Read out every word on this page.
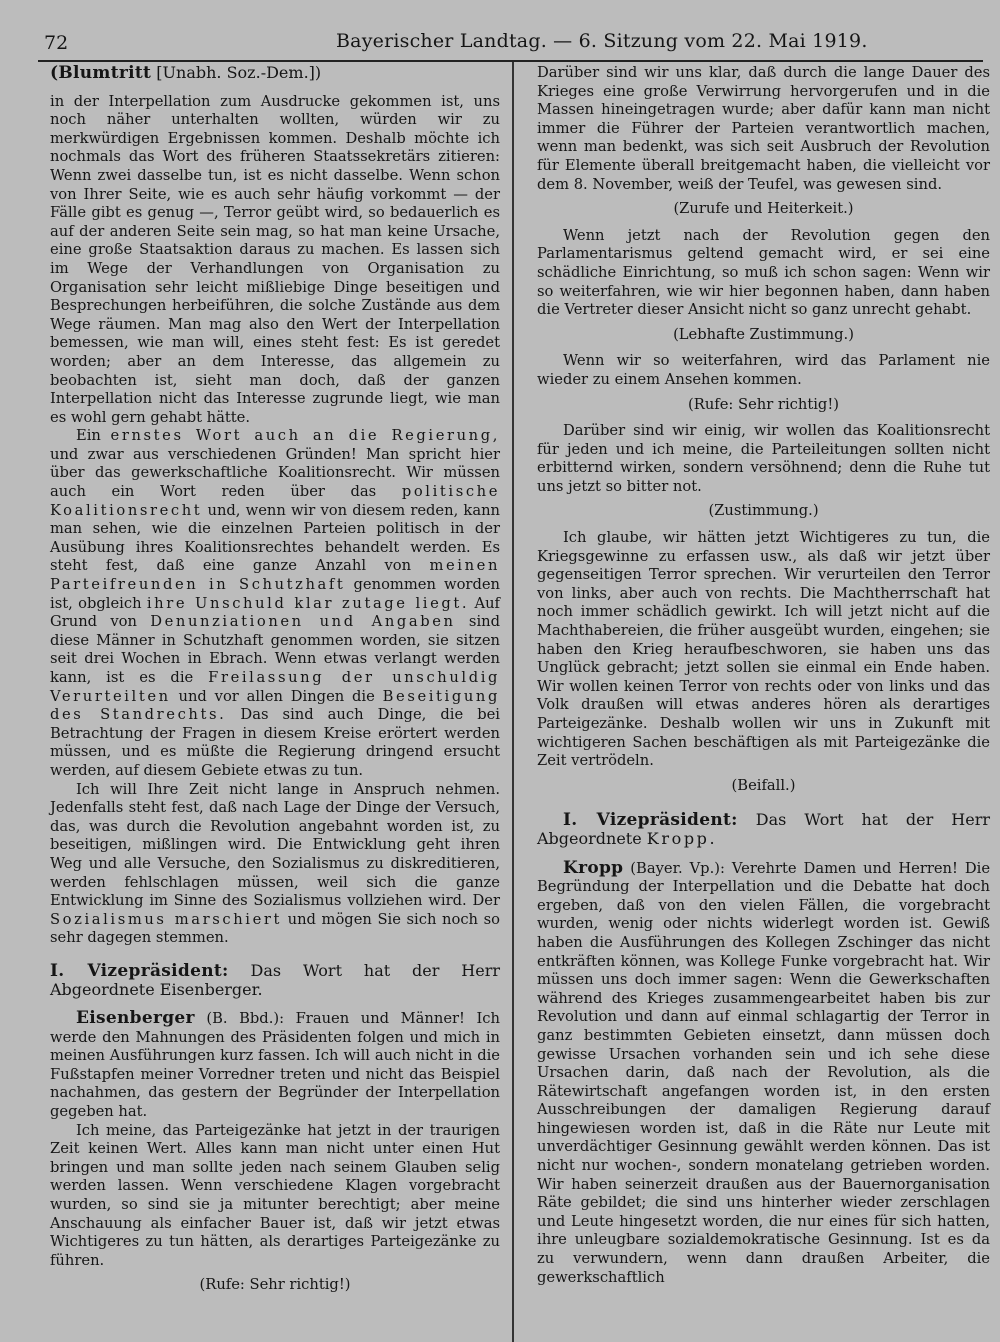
72	Bayerischer Landtag. — 6. Sitzung vom 22. Mai 1919.

(Blumtritt [Unabh. Soz.-Dem.])

in der Interpellation zum Ausdrucke gekommen ist, uns noch näher unterhalten wollten, würden wir zu merkwürdigen Ergebnissen kommen. Deshalb möchte ich nochmals das Wort des früheren Staatssekretärs zitieren: Wenn zwei dasselbe tun, ist es nicht dasselbe. Wenn schon von Ihrer Seite, wie es auch sehr häufig vorkommt — der Fälle gibt es genug —, Terror geübt wird, so bedauerlich es auf der anderen Seite sein mag, so hat man keine Ursache, eine große Staatsaktion daraus zu machen. Es lassen sich im Wege der Verhandlungen von Organisation zu Organisation sehr leicht mißliebige Dinge beseitigen und Besprechungen herbeiführen, die solche Zustände aus dem Wege räumen. Man mag also den Wert der Interpellation bemessen, wie man will, eines steht fest: Es ist geredet worden; aber an dem Interesse, das allgemein zu beobachten ist, sieht man doch, daß der ganzen Interpellation nicht das Interesse zugrunde liegt, wie man es wohl gern gehabt hätte.

Ein ernstes Wort auch an die Regierung, und zwar aus verschiedenen Gründen! Man spricht hier über das gewerkschaftliche Koalitionsrecht. Wir müssen auch ein Wort reden über das politische Koalitionsrecht und, wenn wir von diesem reden, kann man sehen, wie die einzelnen Parteien politisch in der Ausübung ihres Koalitionsrechtes behandelt werden. Es steht fest, daß eine ganze Anzahl von meinen Parteifreunden in Schutzhaft genommen worden ist, obgleich ihre Unschuld klar zutage liegt. Auf Grund von Denunziationen und Angaben sind diese Männer in Schutzhaft genommen worden, sie sitzen seit drei Wochen in Ebrach. Wenn etwas verlangt werden kann, ist es die Freilassung der unschuldig Verurteilten und vor allen Dingen die Beseitigung des Standrechts. Das sind auch Dinge, die bei Betrachtung der Fragen in diesem Kreise erörtert werden müssen, und es müßte die Regierung dringend ersucht werden, auf diesem Gebiete etwas zu tun.

Ich will Ihre Zeit nicht lange in Anspruch nehmen. Jedenfalls steht fest, daß nach Lage der Dinge der Versuch, das, was durch die Revolution angebahnt worden ist, zu beseitigen, mißlingen wird. Die Entwicklung geht ihren Weg und alle Versuche, den Sozialismus zu diskreditieren, werden fehlschlagen müssen, weil sich die ganze Entwicklung im Sinne des Sozialismus vollziehen wird. Der Sozialismus marschiert und mögen Sie sich noch so sehr dagegen stemmen.

I. Vizepräsident: Das Wort hat der Herr Abgeordnete Eisenberger.

Eisenberger (B. Bbd.): Frauen und Männer! Ich werde den Mahnungen des Präsidenten folgen und mich in meinen Ausführungen kurz fassen. Ich will auch nicht in die Fußstapfen meiner Vorredner treten und nicht das Beispiel nachahmen, das gestern der Begründer der Interpellation gegeben hat.

Ich meine, das Parteigezänke hat jetzt in der traurigen Zeit keinen Wert. Alles kann man nicht unter einen Hut bringen und man sollte jeden nach seinem Glauben selig werden lassen. Wenn verschiedene Klagen vorgebracht wurden, so sind sie ja mitunter berechtigt; aber meine Anschauung als einfacher Bauer ist, daß wir jetzt etwas Wichtigeres zu tun hätten, als derartiges Parteigezänke zu führen.

(Rufe: Sehr richtig!)

Darüber sind wir uns klar, daß durch die lange Dauer des Krieges eine große Verwirrung hervorgerufen und in die Massen hineingetragen wurde; aber dafür kann man nicht immer die Führer der Parteien verantwortlich machen, wenn man bedenkt, was sich seit Ausbruch der Revolution für Elemente überall breitgemacht haben, die vielleicht vor dem 8. November, weiß der Teufel, was gewesen sind.

(Zurufe und Heiterkeit.)

Wenn jetzt nach der Revolution gegen den Parlamentarismus geltend gemacht wird, er sei eine schädliche Einrichtung, so muß ich schon sagen: Wenn wir so weiterfahren, wie wir hier begonnen haben, dann haben die Vertreter dieser Ansicht nicht so ganz unrecht gehabt.

(Lebhafte Zustimmung.)

Wenn wir so weiterfahren, wird das Parlament nie wieder zu einem Ansehen kommen.

(Rufe: Sehr richtig!)

Darüber sind wir einig, wir wollen das Koalitionsrecht für jeden und ich meine, die Parteileitungen sollten nicht erbitternd wirken, sondern versöhnend; denn die Ruhe tut uns jetzt so bitter not.

(Zustimmung.)

Ich glaube, wir hätten jetzt Wichtigeres zu tun, die Kriegsgewinne zu erfassen usw., als daß wir jetzt über gegenseitigen Terror sprechen. Wir verurteilen den Terror von links, aber auch von rechts. Die Machtherrschaft hat noch immer schädlich gewirkt. Ich will jetzt nicht auf die Machthabereien, die früher ausgeübt wurden, eingehen; sie haben den Krieg heraufbeschworen, sie haben uns das Unglück gebracht; jetzt sollen sie einmal ein Ende haben. Wir wollen keinen Terror von rechts oder von links und das Volk draußen will etwas anderes hören als derartiges Parteigezänke. Deshalb wollen wir uns in Zukunft mit wichtigeren Sachen beschäftigen als mit Parteigezänke die Zeit vertrödeln.

(Beifall.)

I. Vizepräsident: Das Wort hat der Herr Abgeordnete Kropp.

Kropp (Bayer. Vp.): Verehrte Damen und Herren! Die Begründung der Interpellation und die Debatte hat doch ergeben, daß von den vielen Fällen, die vorgebracht wurden, wenig oder nichts widerlegt worden ist. Gewiß haben die Ausführungen des Kollegen Zschinger das nicht entkräften können, was Kollege Funke vorgebracht hat. Wir müssen uns doch immer sagen: Wenn die Gewerkschaften während des Krieges zusammengearbeitet haben bis zur Revolution und dann auf einmal schlagartig der Terror in ganz bestimmten Gebieten einsetzt, dann müssen doch gewisse Ursachen vorhanden sein und ich sehe diese Ursachen darin, daß nach der Revolution, als die Rätewirtschaft angefangen worden ist, in den ersten Ausschreibungen der damaligen Regierung darauf hingewiesen worden ist, daß in die Räte nur Leute mit unverdächtiger Gesinnung gewählt werden können. Das ist nicht nur wochen-, sondern monatelang getrieben worden. Wir haben seinerzeit draußen aus der Bauernorganisation Räte gebildet; die sind uns hinterher wieder zerschlagen und Leute hingesetzt worden, die nur eines für sich hatten, ihre unleugbare sozialdemokratische Gesinnung. Ist es da zu verwundern, wenn dann draußen Arbeiter, die gewerkschaftlich
